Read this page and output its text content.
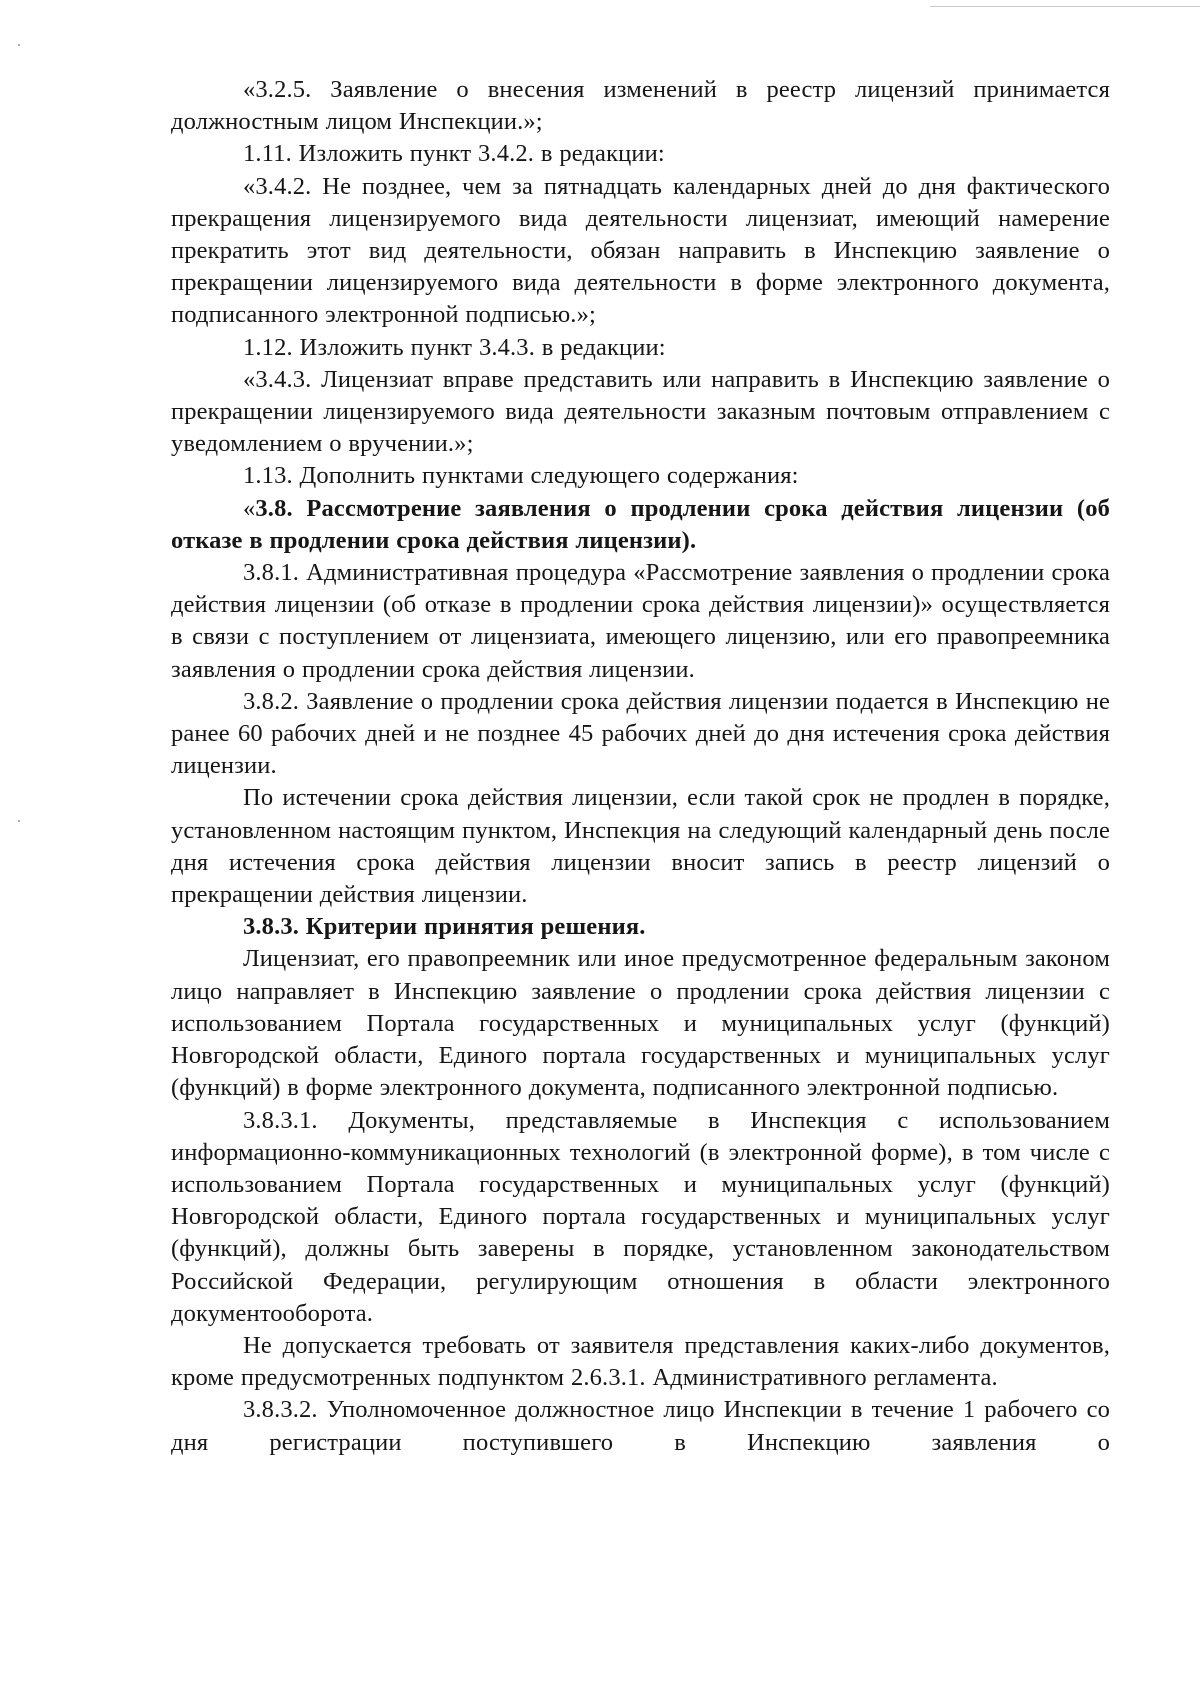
«3.2.5. Заявление о внесения изменений в реестр лицензий принимается должностным лицом Инспекции.»;

1.11. Изложить пункт 3.4.2. в редакции:

«3.4.2. Не позднее, чем за пятнадцать календарных дней до дня фактического прекращения лицензируемого вида деятельности лицензиат, имеющий намерение прекратить этот вид деятельности, обязан направить в Инспекцию заявление о прекращении лицензируемого вида деятельности в форме электронного документа, подписанного электронной подписью.»;

1.12. Изложить пункт 3.4.3. в редакции:

«3.4.3. Лицензиат вправе представить или направить в Инспекцию заявление о прекращении лицензируемого вида деятельности заказным почтовым отправлением с уведомлением о вручении.»;

1.13. Дополнить пунктами следующего содержания:

«3.8. Рассмотрение заявления о продлении срока действия лицензии (об отказе в продлении срока действия лицензии).

3.8.1. Административная процедура «Рассмотрение заявления о продлении срока действия лицензии (об отказе в продлении срока действия лицензии)» осуществляется в связи с поступлением от лицензиата, имеющего лицензию, или его правопреемника заявления о продлении срока действия лицензии.

3.8.2. Заявление о продлении срока действия лицензии подается в Инспекцию не ранее 60 рабочих дней и не позднее 45 рабочих дней до дня истечения срока действия лицензии.

По истечении срока действия лицензии, если такой срок не продлен в порядке, установленном настоящим пунктом, Инспекция на следующий календарный день после дня истечения срока действия лицензии вносит запись в реестр лицензий о прекращении действия лицензии.

3.8.3. Критерии принятия решения.

Лицензиат, его правопреемник или иное предусмотренное федеральным законом лицо направляет в Инспекцию заявление о продлении срока действия лицензии с использованием Портала государственных и муниципальных услуг (функций) Новгородской области, Единого портала государственных и муниципальных услуг (функций) в форме электронного документа, подписанного электронной подписью.

3.8.3.1. Документы, представляемые в Инспекция с использованием информационно-коммуникационных технологий (в электронной форме), в том числе с использованием Портала государственных и муниципальных услуг (функций) Новгородской области, Единого портала государственных и муниципальных услуг (функций), должны быть заверены в порядке, установленном законодательством Российской Федерации, регулирующим отношения в области электронного документооборота.

Не допускается требовать от заявителя представления каких-либо документов, кроме предусмотренных подпунктом 2.6.3.1. Административного регламента.

3.8.3.2. Уполномоченное должностное лицо Инспекции в течение 1 рабочего со дня регистрации поступившего в Инспекцию заявления о
